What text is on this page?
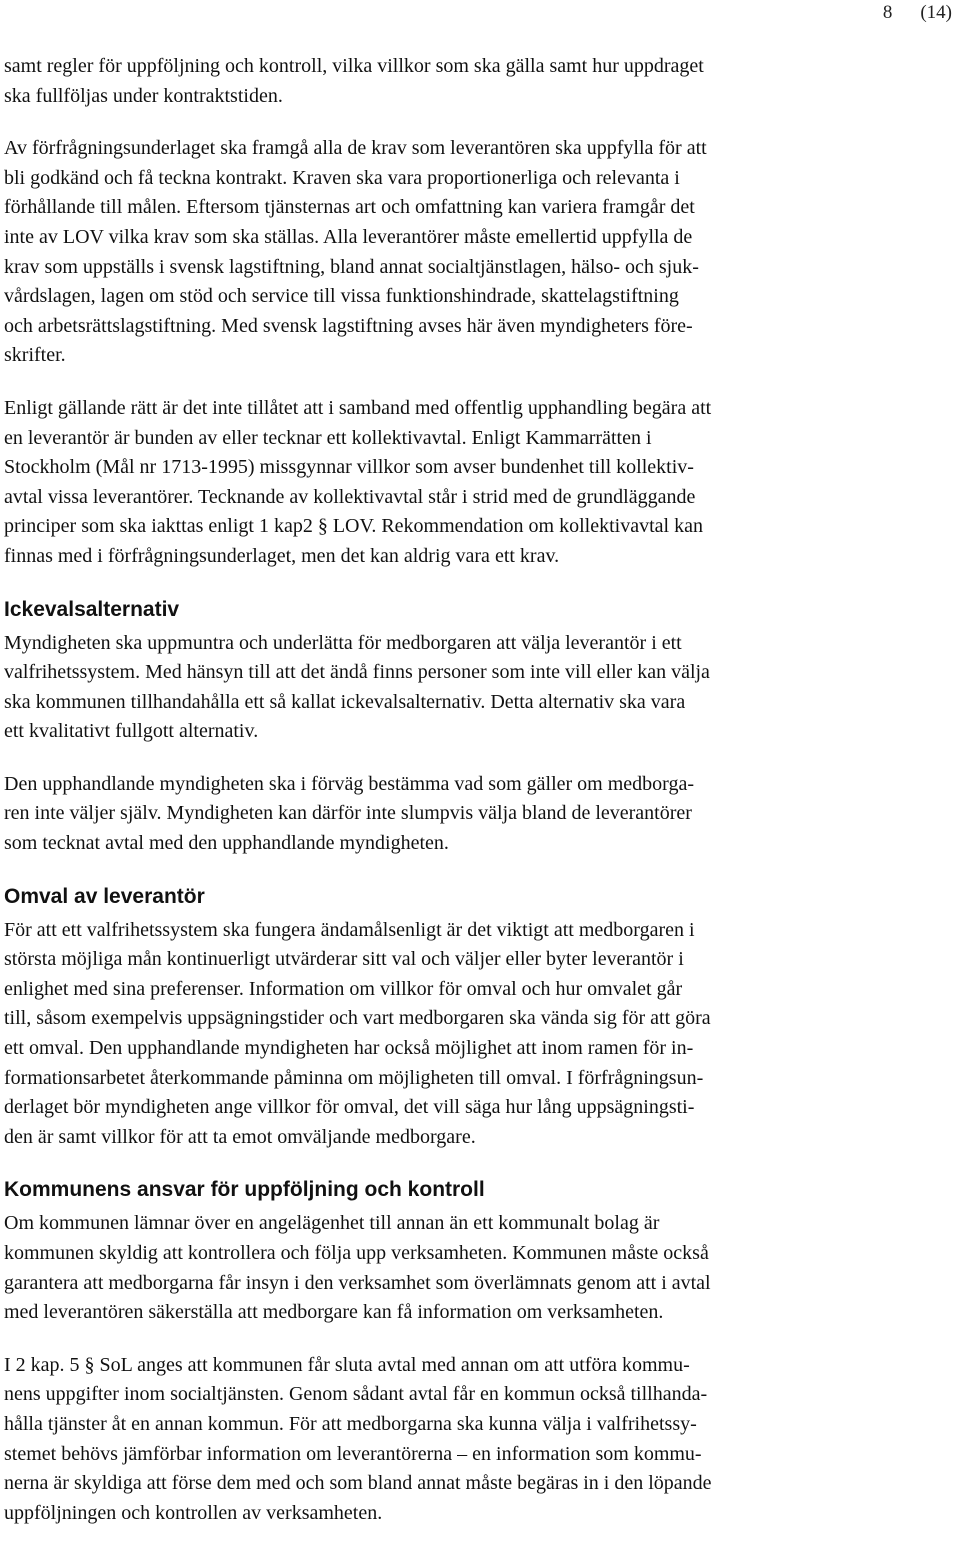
8 (14)

samt regler för uppföljning och kontroll, vilka villkor som ska gälla samt hur uppdraget
ska fullföljas under kontraktstiden.

Av förfrågningsunderlaget ska framgå alla de krav som leverantören ska uppfylla för att
bli godkänd och få teckna kontrakt. Kraven ska vara proportionerliga och relevanta i
förhållande till målen. Eftersom tjänsternas art och omfattning kan variera framgår det
inte av LOV vilka krav som ska ställas. Alla leverantörer måste emellertid uppfylla de
krav som uppställs i svensk lagstiftning, bland annat socialtjänstlagen, hälso- och sjuk-
vårdslagen, lagen om stöd och service till vissa funktionshindrade, skattelagstiftning
och arbetsrättslagstiftning. Med svensk lagstiftning avses här även myndigheters före-
skrifter.

Enligt gällande rätt är det inte tillåtet att i samband med offentlig upphandling begära att
en leverantör är bunden av eller tecknar ett kollektivavtal. Enligt Kammarrätten i
Stockholm (Mål nr 1713-1995) missgynnar villkor som avser bundenhet till kollektiv-
avtal vissa leverantörer. Tecknande av kollektivavtal står i strid med de grundläggande
principer som ska iakttas enligt 1 kap2 § LOV. Rekommendation om kollektivavtal kan
finnas med i förfrågningsunderlaget, men det kan aldrig vara ett krav.

Ickevalsalternativ

Myndigheten ska uppmuntra och underlätta för medborgaren att välja leverantör i ett
valfrihetssystem. Med hänsyn till att det ändå finns personer som inte vill eller kan välja
ska kommunen tillhandahålla ett så kallat ickevalsalternativ. Detta alternativ ska vara
ett kvalitativt fullgott alternativ.

Den upphandlande myndigheten ska i förväg bestämma vad som gäller om medborga-
ren inte väljer själv. Myndigheten kan därför inte slumpvis välja bland de leverantörer
som tecknat avtal med den upphandlande myndigheten.

Omval av leverantör

För att ett valfrihetssystem ska fungera ändamålsenligt är det viktigt att medborgaren i
största möjliga mån kontinuerligt utvärderar sitt val och väljer eller byter leverantör i
enlighet med sina preferenser. Information om villkor för omval och hur omvalet går
till, såsom exempelvis uppsägningstider och vart medborgaren ska vända sig för att göra
ett omval. Den upphandlande myndigheten har också möjlighet att inom ramen för in-
formationsarbetet återkommande påminna om möjligheten till omval. I förfrågningsun-
derlaget bör myndigheten ange villkor för omval, det vill säga hur lång uppsägningsti-
den är samt villkor för att ta emot omväljande medborgare.

Kommunens ansvar för uppföljning och kontroll

Om kommunen lämnar över en angelägenhet till annan än ett kommunalt bolag är
kommunen skyldig att kontrollera och följa upp verksamheten. Kommunen måste också
garantera att medborgarna får insyn i den verksamhet som överlämnats genom att i avtal
med leverantören säkerställa att medborgare kan få information om verksamheten.

I 2 kap. 5 § SoL anges att kommunen får sluta avtal med annan om att utföra kommu-
nens uppgifter inom socialtjänsten. Genom sådant avtal får en kommun också tillhanda-
hålla tjänster åt en annan kommun. För att medborgarna ska kunna välja i valfrihetssy-
stemet behövs jämförbar information om leverantörerna – en information som kommu-
nerna är skyldiga att förse dem med och som bland annat måste begäras in i den löpande
uppföljningen och kontrollen av verksamheten.
